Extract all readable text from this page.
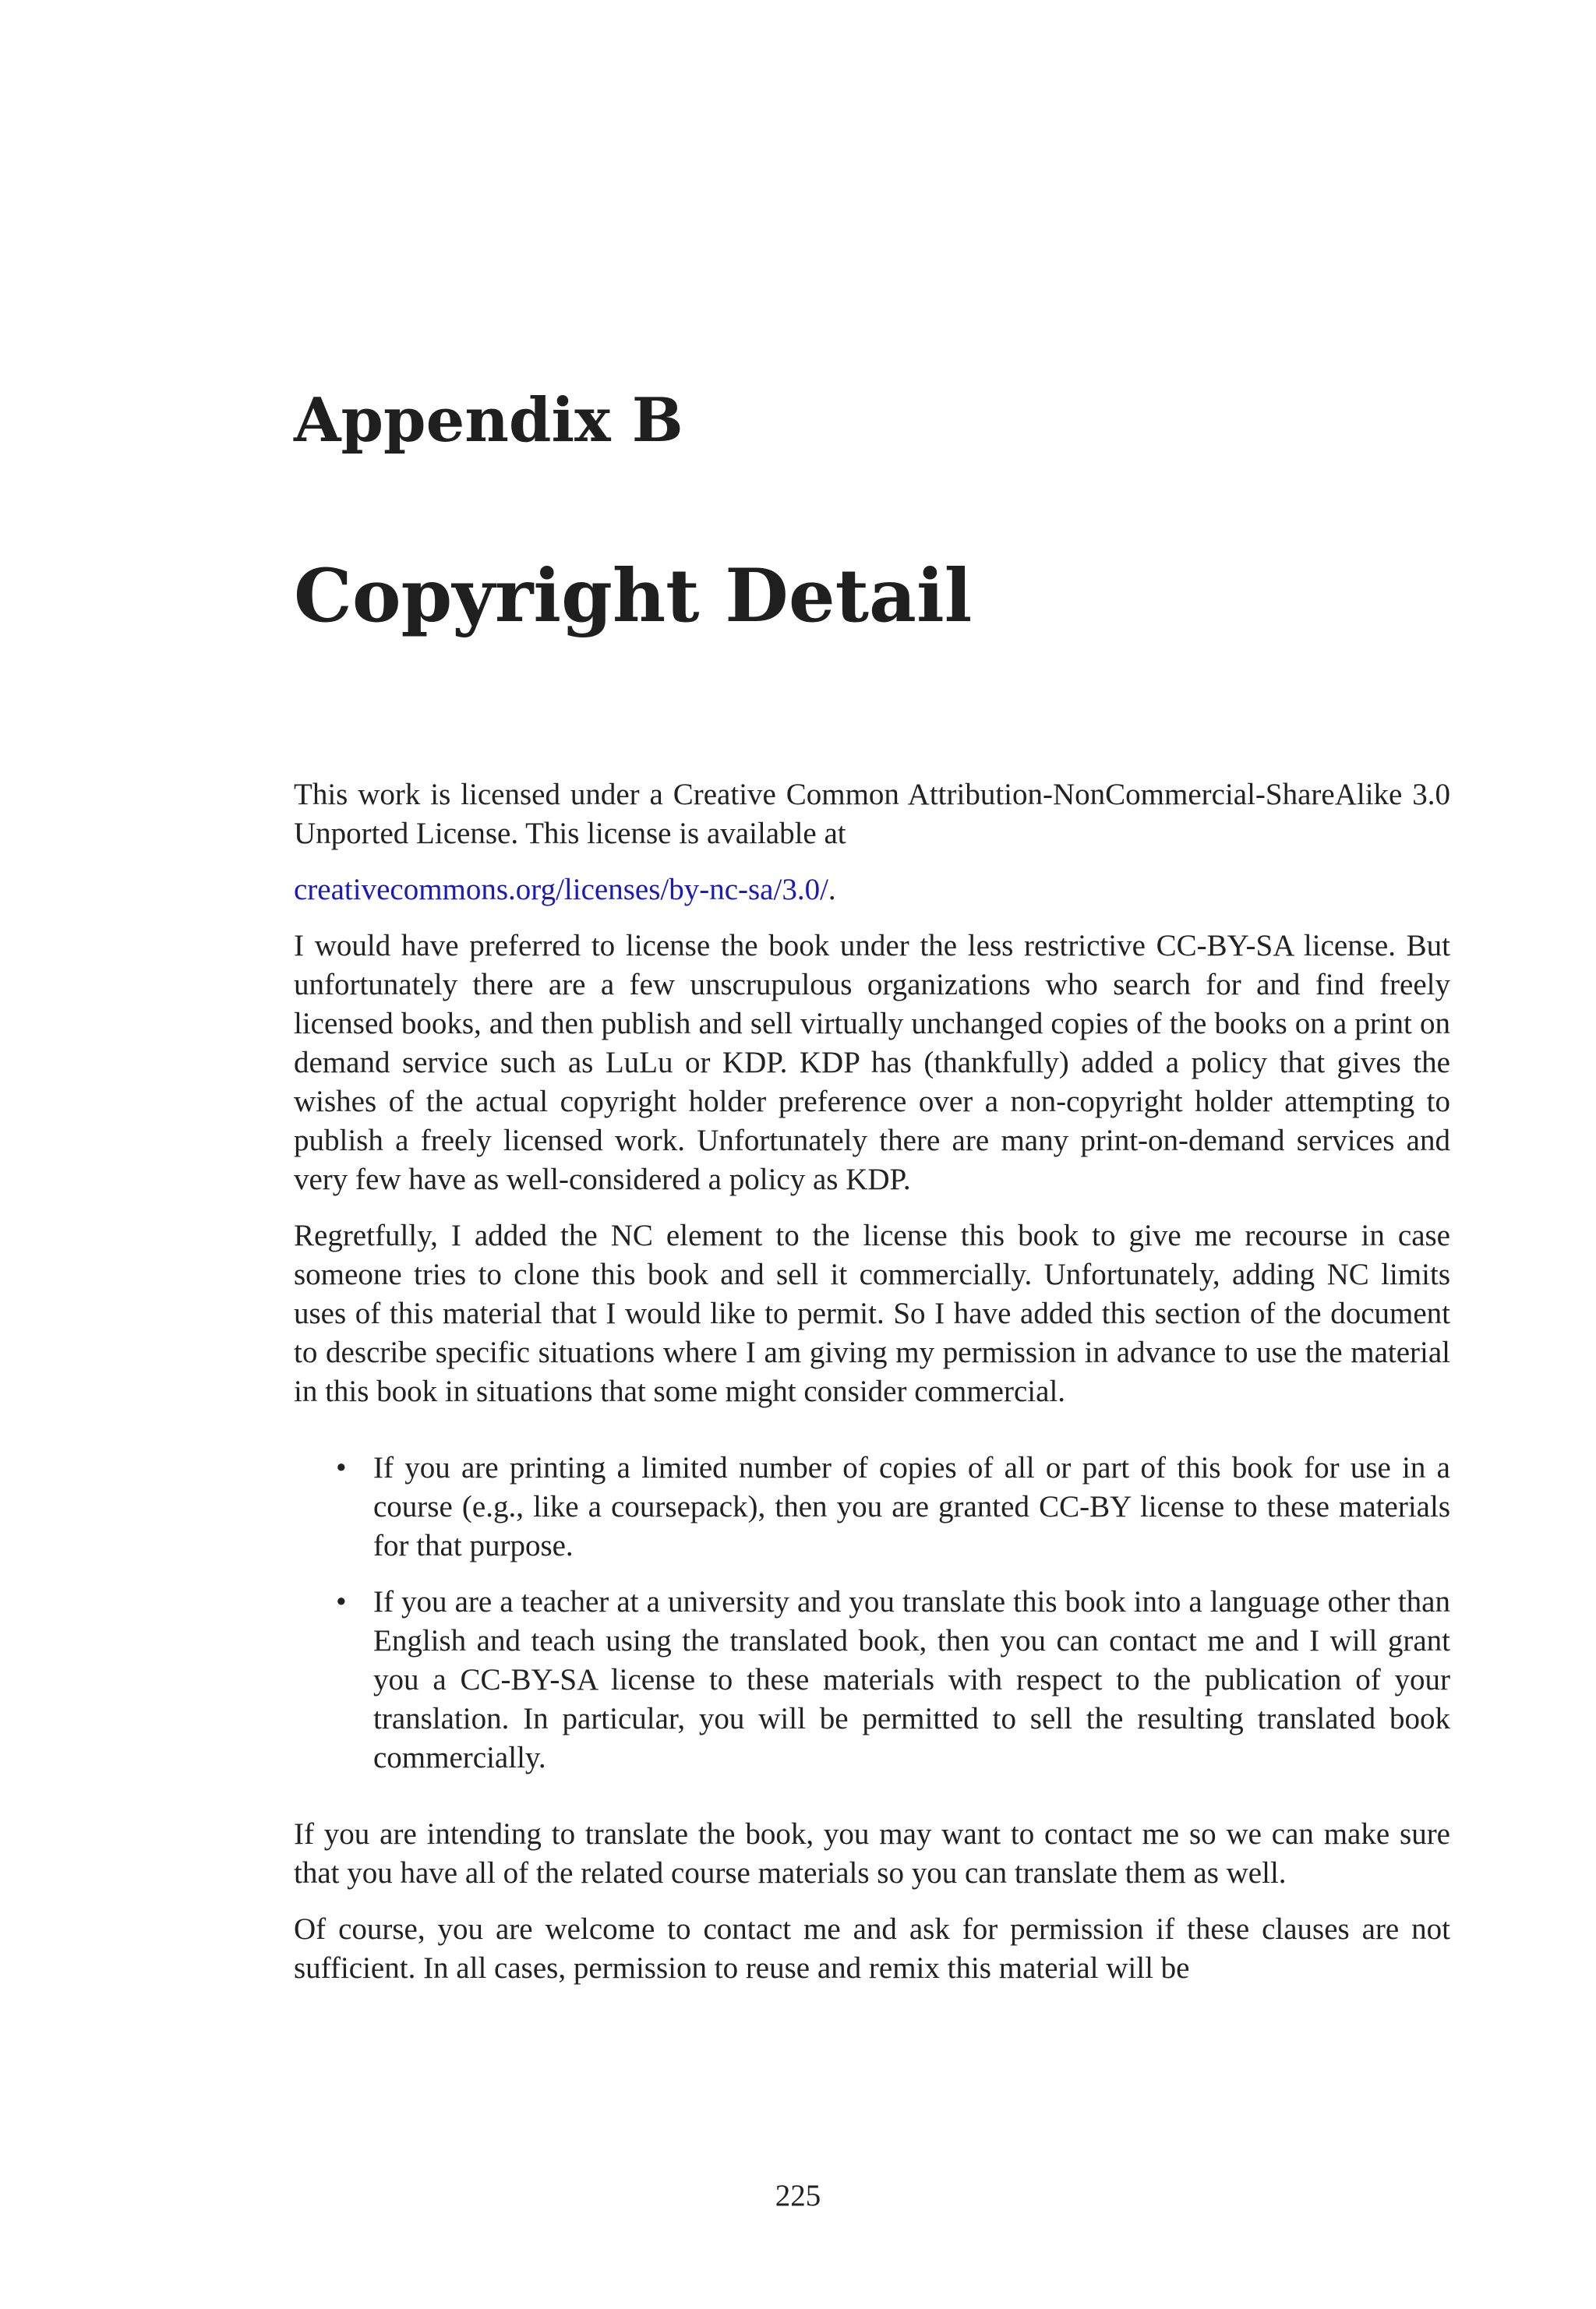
Appendix B
Copyright Detail

This work is licensed under a Creative Common Attribution-NonCommercial-ShareAlike 3.0 Unported License. This license is available at

creativecommons.org/licenses/by-nc-sa/3.0/.

I would have preferred to license the book under the less restrictive CC-BY-SA license. But unfortunately there are a few unscrupulous organizations who search for and find freely licensed books, and then publish and sell virtually unchanged copies of the books on a print on demand service such as LuLu or KDP. KDP has (thankfully) added a policy that gives the wishes of the actual copyright holder preference over a non-copyright holder attempting to publish a freely licensed work. Unfortunately there are many print-on-demand services and very few have as well-considered a policy as KDP.

Regretfully, I added the NC element to the license this book to give me recourse in case someone tries to clone this book and sell it commercially. Unfortunately, adding NC limits uses of this material that I would like to permit. So I have added this section of the document to describe specific situations where I am giving my permission in advance to use the material in this book in situations that some might consider commercial.

• If you are printing a limited number of copies of all or part of this book for use in a course (e.g., like a coursepack), then you are granted CC-BY license to these materials for that purpose.
• If you are a teacher at a university and you translate this book into a language other than English and teach using the translated book, then you can contact me and I will grant you a CC-BY-SA license to these materials with respect to the publication of your translation. In particular, you will be permitted to sell the resulting translated book commercially.

If you are intending to translate the book, you may want to contact me so we can make sure that you have all of the related course materials so you can translate them as well.

Of course, you are welcome to contact me and ask for permission if these clauses are not sufficient. In all cases, permission to reuse and remix this material will be

225
